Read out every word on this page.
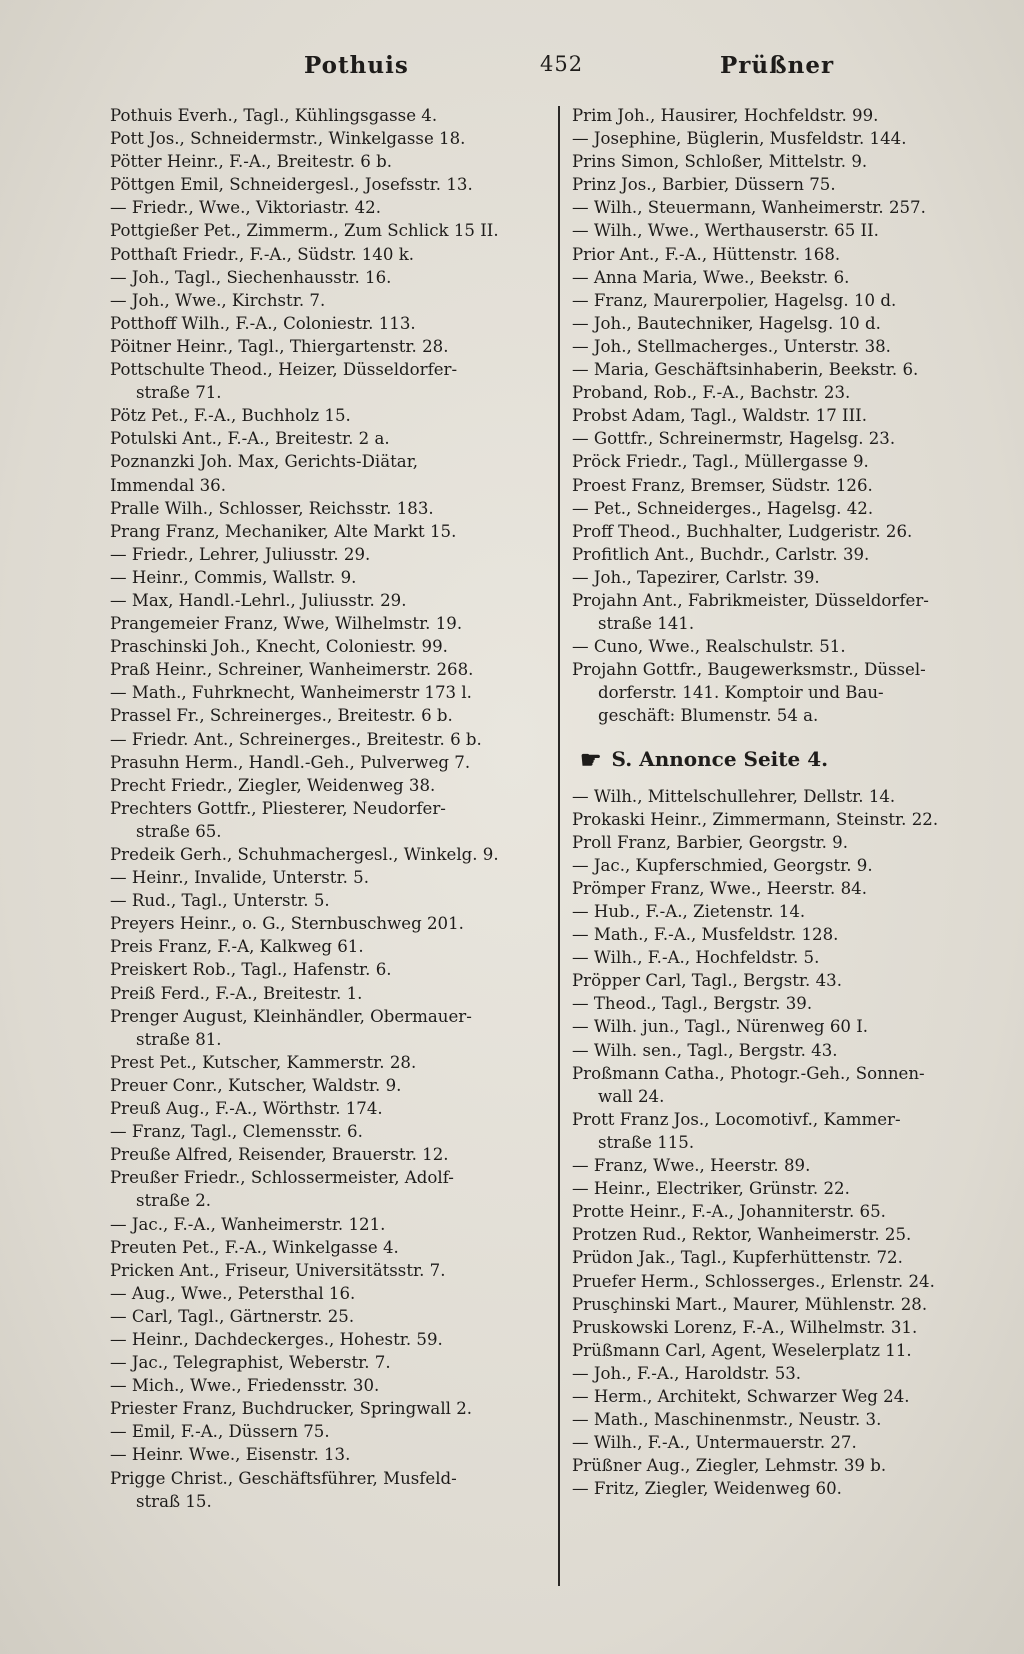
Pothuis	452	Prüßner
Pothuis Everh., Tagl., Kühlingsgasse 4.
Pott Jos., Schneidermstr., Winkelgasse 18.
Pötter Heinr., F.-A., Breitestr. 6 b.
Pöttgen Emil, Schneidergesl., Josefsstr. 13.
— Friedr., Wwe., Viktoriastr. 42.
Pottgießer Pet., Zimmerm., Zum Schlick 15 II.
Potthaſt Friedr., F.-A., Südstr. 140 k.
— Joh., Tagl., Siechenhausstr. 16.
— Joh., Wwe., Kirchstr. 7.
Potthoff Wilh., F.-A., Coloniestr. 113.
Pöitner Heinr., Tagl., Thiergartenstr. 28.
Pottschulte Theod., Heizer, Düsseldorfer-
straße 71.
Pötz Pet., F.-A., Buchholz 15.
Potulski Ant., F.-A., Breitestr. 2 a.
Poznanzki Joh. Max, Gerichts-Diätar,
Immendal 36.
Pralle Wilh., Schlosser, Reichsstr. 183.
Prang Franz, Mechaniker, Alte Markt 15.
— Friedr., Lehrer, Juliusstr. 29.
— Heinr., Commis, Wallstr. 9.
— Max, Handl.-Lehrl., Juliusstr. 29.
Prangemeier Franz, Wwe, Wilhelmstr. 19.
Praschinski Joh., Knecht, Coloniestr. 99.
Praß Heinr., Schreiner, Wanheimerstr. 268.
— Math., Fuhrknecht, Wanheimerstr 173 l.
Prassel Fr., Schreinerges., Breitestr. 6 b.
— Friedr. Ant., Schreinerges., Breitestr. 6 b.
Prasuhn Herm., Handl.-Geh., Pulverweg 7.
Precht Friedr., Ziegler, Weidenweg 38.
Prechters Gottfr., Pliesterer, Neudorfer-
straße 65.
Predeik Gerh., Schuhmachergesl., Winkelg. 9.
— Heinr., Invalide, Unterstr. 5.
— Rud., Tagl., Unterstr. 5.
Preyers Heinr., o. G., Sternbuschweg 201.
Preis Franz, F.-A, Kalkweg 61.
Preiskert Rob., Tagl., Hafenstr. 6.
Preiß Ferd., F.-A., Breitestr. 1.
Prenger August, Kleinhändler, Obermauer-
straße 81.
Prest Pet., Kutscher, Kammerstr. 28.
Preuer Conr., Kutscher, Waldstr. 9.
Preuß Aug., F.-A., Wörthstr. 174.
— Franz, Tagl., Clemensstr. 6.
Preuße Alfred, Reisender, Brauerstr. 12.
Preußer Friedr., Schlossermeister, Adolf-
straße 2.
— Jac., F.-A., Wanheimerstr. 121.
Preuten Pet., F.-A., Winkelgasse 4.
Pricken Ant., Friseur, Universitätsstr. 7.
— Aug., Wwe., Petersthal 16.
— Carl, Tagl., Gärtnerstr. 25.
— Heinr., Dachdeckerges., Hohestr. 59.
— Jac., Telegraphist, Weberstr. 7.
— Mich., Wwe., Friedensstr. 30.
Priester Franz, Buchdrucker, Springwall 2.
— Emil, F.-A., Düssern 75.
— Heinr. Wwe., Eisenstr. 13.
Prigge Christ., Geschäftsführer, Musfeld-
straß 15.
Prim Joh., Hausirer, Hochfeldstr. 99.
— Josephine, Büglerin, Musfeldstr. 144.
Prins Simon, Schloßer, Mittelstr. 9.
Prinz Jos., Barbier, Düssern 75.
— Wilh., Steuermann, Wanheimerstr. 257.
— Wilh., Wwe., Werthauserstr. 65 II.
Prior Ant., F.-A., Hüttenstr. 168.
— Anna Maria, Wwe., Beekstr. 6.
— Franz, Maurerpolier, Hagelsg. 10 d.
— Joh., Bautechniker, Hagelsg. 10 d.
— Joh., Stellmacherges., Unterstr. 38.
— Maria, Geschäftsinhaberin, Beekstr. 6.
Proband, Rob., F.-A., Bachstr. 23.
Probst Adam, Tagl., Waldstr. 17 III.
— Gottfr., Schreinermstr, Hagelsg. 23.
Pröck Friedr., Tagl., Müllergasse 9.
Proest Franz, Bremser, Südstr. 126.
— Pet., Schneiderges., Hagelsg. 42.
Proff Theod., Buchhalter, Ludgeristr. 26.
Profitlich Ant., Buchdr., Carlstr. 39.
— Joh., Tapezirer, Carlstr. 39.
Projahn Ant., Fabrikmeister, Düsseldorfer-
straße 141.
— Cuno, Wwe., Realschulstr. 51.
Projahn Gottfr., Baugewerksmstr., Düssel-
dorferstr. 141. Komptoir und Bau-
geschäft: Blumenstr. 54 a.
☛ S. Annonce Seite 4.
— Wilh., Mittelschullehrer, Dellstr. 14.
Prokaski Heinr., Zimmermann, Steinstr. 22.
Proll Franz, Barbier, Georgstr. 9.
— Jac., Kupferschmied, Georgstr. 9.
Prömper Franz, Wwe., Heerstr. 84.
— Hub., F.-A., Zietenstr. 14.
— Math., F.-A., Musfeldstr. 128.
— Wilh., F.-A., Hochfeldstr. 5.
Pröpper Carl, Tagl., Bergstr. 43.
— Theod., Tagl., Bergstr. 39.
— Wilh. jun., Tagl., Nürenweg 60 I.
— Wilh. sen., Tagl., Bergstr. 43.
Proßmann Catha., Photogr.-Geh., Sonnen-
wall 24.
Prott Franz Jos., Locomotivf., Kammer-
straße 115.
— Franz, Wwe., Heerstr. 89.
— Heinr., Electriker, Grünstr. 22.
Protte Heinr., F.-A., Johanniterstr. 65.
Protzen Rud., Rektor, Wanheimerstr. 25.
Prüdon Jak., Tagl., Kupferhüttenstr. 72.
Pruefer Herm., Schlosserges., Erlenstr. 24.
Prusçhinski Mart., Maurer, Mühlenstr. 28.
Pruskowski Lorenz, F.-A., Wilhelmstr. 31.
Prüßmann Carl, Agent, Weselerplatz 11.
— Joh., F.-A., Haroldstr. 53.
— Herm., Architekt, Schwarzer Weg 24.
— Math., Maschinenmstr., Neustr. 3.
— Wilh., F.-A., Untermauerstr. 27.
Prüßner Aug., Ziegler, Lehmstr. 39 b.
— Fritz, Ziegler, Weidenweg 60.
